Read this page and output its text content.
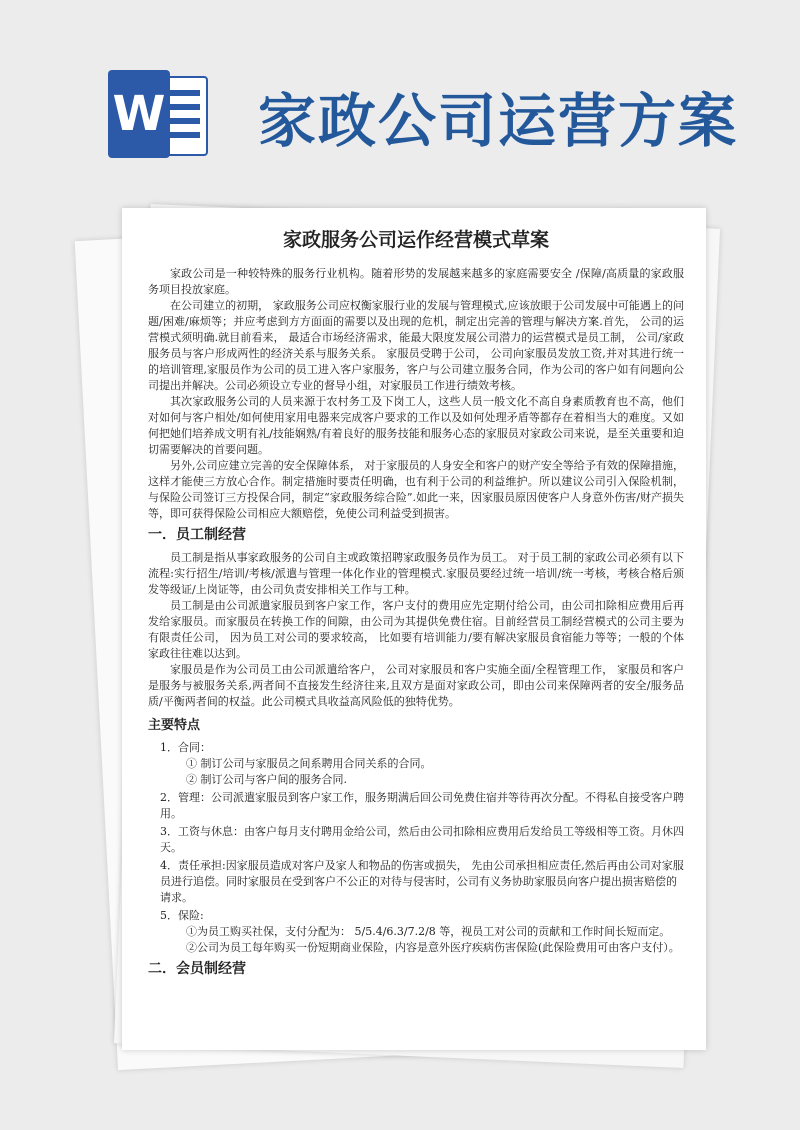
W 家政公司运营方案
家政服务公司运作经营模式草案

家政公司是一种较特殊的服务行业机构。随着形势的发展越来越多的家庭需要安全 /保障/高质量的家政服务项目投放家庭。

在公司建立的初期， 家政服务公司应权衡家服行业的发展与管理模式,应该放眼于公司发展中可能遇上的问题/困难/麻烦等；并应考虑到方方面面的需要以及出现的危机，制定出完善的管理与解决方案.首先， 公司的运营模式须明确.就目前看来， 最适合市场经济需求，能最大限度发展公司潜力的运营模式是员工制， 公司/家政服务员与客户形成两性的经济关系与服务关系。 家服员受聘于公司， 公司向家服员发放工资,并对其进行统一的培训管理,家服员作为公司的员工进入客户家服务，客户与公司建立服务合同，作为公司的客户如有问题向公司提出并解决。公司必须设立专业的督导小组，对家服员工作进行绩效考核。

其次家政服务公司的人员来源于农村务工及下岗工人，这些人员一般文化不高自身素质教育也不高，他们对如何与客户相处/如何使用家用电器来完成客户要求的工作以及如何处理矛盾等都存在着相当大的难度。又如何把她们培养成文明有礼/技能娴熟/有着良好的服务技能和服务心态的家服员对家政公司来说，是至关重要和迫切需要解决的首要问题。

另外,公司应建立完善的安全保障体系， 对于家服员的人身安全和客户的财产安全等给予有效的保障措施，这样才能使三方放心合作。制定措施时要责任明确，也有利于公司的利益维护。所以建议公司引入保险机制，与保险公司签订三方投保合同，制定“家政服务综合险”.如此一来，因家服员原因使客户人身意外伤害/财产损失等，即可获得保险公司相应大额赔偿，免使公司利益受到损害。

一．员工制经营

员工制是指从事家政服务的公司自主或政策招聘家政服务员作为员工。 对于员工制的家政公司必须有以下流程:实行招生/培训/考核/派遣与管理一体化作业的管理模式.家服员要经过统一培训/统一考核，考核合格后颁发等级证/上岗证等，由公司负责安排相关工作与工种。

员工制是由公司派遣家服员到客户家工作，客户支付的费用应先定期付给公司，由公司扣除相应费用后再发给家服员。而家服员在转换工作的间隙，由公司为其提供免费住宿。目前经营员工制经营模式的公司主要为有限责任公司， 因为员工对公司的要求较高， 比如要有培训能力/要有解决家服员食宿能力等等；一般的个体家政往往难以达到。

家服员是作为公司员工由公司派遣给客户， 公司对家服员和客户实施全面/全程管理工作， 家服员和客户是服务与被服务关系,两者间不直接发生经济往来,且双方是面对家政公司，即由公司来保障两者的安全/服务品质/平衡两者间的权益。此公司模式具收益高风险低的独特优势。

主要特点
1．合同：
① 制订公司与家服员之间系聘用合同关系的合同。
② 制订公司与客户间的服务合同.
2．管理：公司派遣家服员到客户家工作，服务期满后回公司免费住宿并等待再次分配。不得私自接受客户聘用。
3．工资与休息：由客户每月支付聘用金给公司，然后由公司扣除相应费用后发给员工等级相等工资。月休四天。
4．责任承担:因家服员造成对客户及家人和物品的伤害或损失， 先由公司承担相应责任,然后再由公司对家服员进行追偿。同时家服员在受到客户不公正的对待与侵害时，公司有义务协助家服员向客户提出损害赔偿的请求。
5．保险:
①为员工购买社保，支付分配为： 5/5.4/6.3/7.2/8 等，视员工对公司的贡献和工作时间长短而定。
②公司为员工每年购买一份短期商业保险，内容是意外医疗疾病伤害保险(此保险费用可由客户支付）。
二．会员制经营
